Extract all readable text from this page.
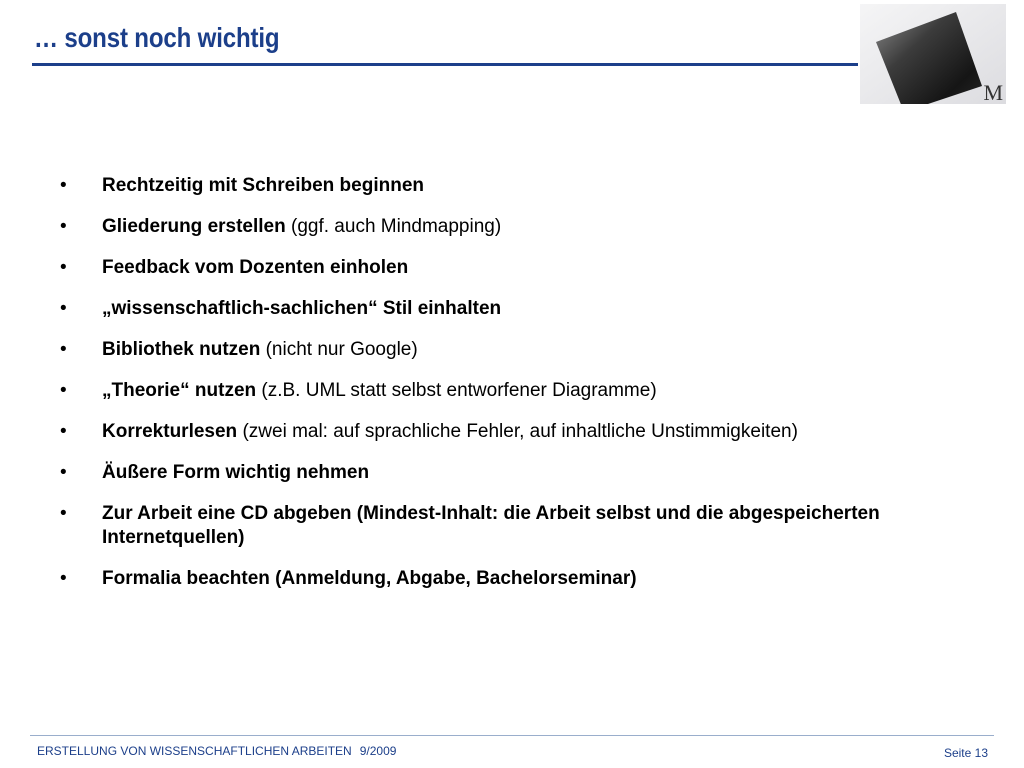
… sonst noch wichtig
M
•	Rechtzeitig mit Schreiben beginnen
•	Gliederung erstellen (ggf. auch Mindmapping)
•	Feedback vom Dozenten einholen
•	„wissenschaftlich-sachlichen“ Stil einhalten
•	Bibliothek nutzen (nicht nur Google)
•	„Theorie“ nutzen (z.B. UML statt selbst entworfener Diagramme)
•	Korrekturlesen (zwei mal: auf sprachliche Fehler, auf inhaltliche Unstimmigkeiten)
•	Äußere Form wichtig nehmen
•	Zur Arbeit eine CD abgeben (Mindest-Inhalt: die Arbeit selbst und die abgespeicherten Internetquellen)
•	Formalia beachten (Anmeldung, Abgabe, Bachelorseminar)
ERSTELLUNG VON WISSENSCHAFTLICHEN ARBEITEN 9/2009	Seite 13
